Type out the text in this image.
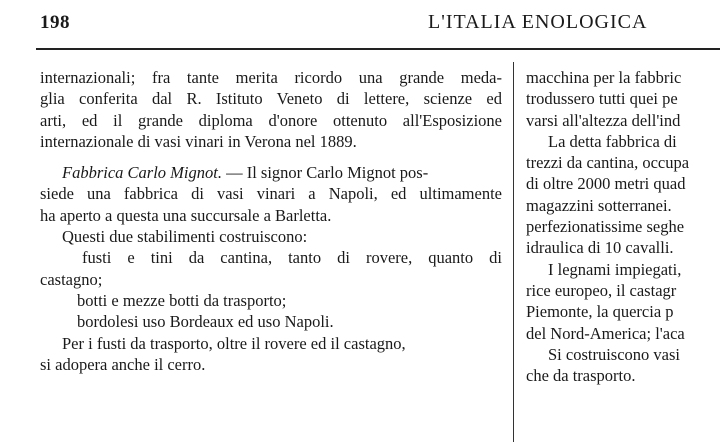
198	L'ITALIA ENOLOGICA
internazionali; fra tante merita ricordo una grande meda-
glia conferita dal R. Istituto Veneto di lettere, scienze ed
arti, ed il grande diploma d'onore ottenuto all'Esposizione
internazionale di vasi vinari in Verona nel 1889.
Fabbrica Carlo Mignot. — Il signor Carlo Mignot pos-
siede una fabbrica di vasi vinari a Napoli, ed ultimamente
ha aperto a questa una succursale a Barletta.
Questi due stabilimenti costruiscono:
fusti e tini da cantina, tanto di rovere, quanto di
castagno;
botti e mezze botti da trasporto;
bordolesi uso Bordeaux ed uso Napoli.
Per i fusti da trasporto, oltre il rovere ed il castagno,
si adopera anche il cerro.
macchina per la fabbric
trodussero tutti quei pe
varsi all'altezza dell'ind
La detta fabbrica di
trezzi da cantina, occupa
di oltre 2000 metri quad
magazzini sotterranei.
perfezionatissime seghe
idraulica di 10 cavalli.
I legnami impiegati,
rice europeo, il castagr
Piemonte, la quercia p
del Nord-America; l'aca
Si costruiscono vasi
che da trasporto.
